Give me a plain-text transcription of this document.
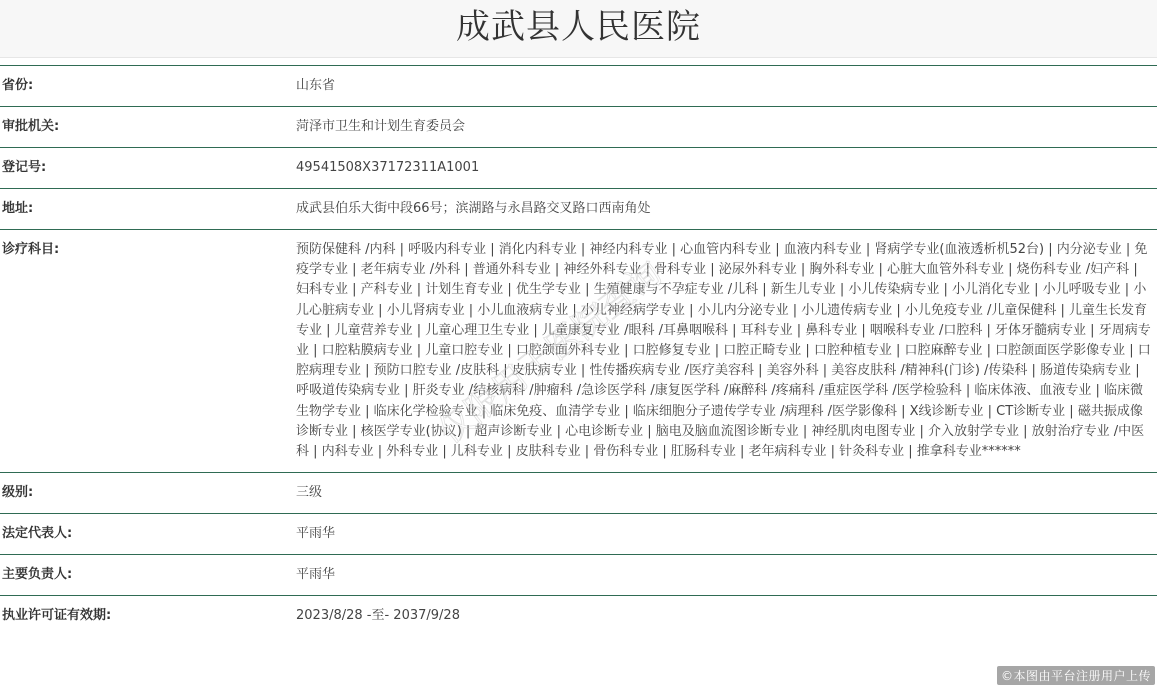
成武县人民医院
省份:	山东省

审批机关:	菏泽市卫生和计划生育委员会

登记号:	49541508X37172311A1001

地址:	成武县伯乐大街中段66号；滨湖路与永昌路交叉路口西南角处

诊疗科目:	预防保健科 /内科 | 呼吸内科专业 | 消化内科专业 | 神经内科专业 | 心血管内科专业 | 血液内科专业 | 肾病学专业(血液透析机52台) | 内分泌专业 | 免疫学专业 | 老年病专业 /外科 | 普通外科专业 | 神经外科专业 | 骨科专业 | 泌尿外科专业 | 胸外科专业 | 心脏大血管外科专业 | 烧伤科专业 /妇产科 | 妇科专业 | 产科专业 | 计划生育专业 | 优生学专业 | 生殖健康与不孕症专业 /儿科 | 新生儿专业 | 小儿传染病专业 | 小儿消化专业 | 小儿呼吸专业 | 小儿心脏病专业 | 小儿肾病专业 | 小儿血液病专业 | 小儿神经病学专业 | 小儿内分泌专业 | 小儿遗传病专业 | 小儿免疫专业 /儿童保健科 | 儿童生长发育专业 | 儿童营养专业 | 儿童心理卫生专业 | 儿童康复专业 /眼科 /耳鼻咽喉科 | 耳科专业 | 鼻科专业 | 咽喉科专业 /口腔科 | 牙体牙髓病专业 | 牙周病专业 | 口腔粘膜病专业 | 儿童口腔专业 | 口腔颌面外科专业 | 口腔修复专业 | 口腔正畸专业 | 口腔种植专业 | 口腔麻醉专业 | 口腔颌面医学影像专业 | 口腔病理专业 | 预防口腔专业 /皮肤科 | 皮肤病专业 | 性传播疾病专业 /医疗美容科 | 美容外科 | 美容皮肤科 /精神科(门诊) /传染科 | 肠道传染病专业 | 呼吸道传染病专业 | 肝炎专业 /结核病科 /肿瘤科 /急诊医学科 /康复医学科 /麻醉科 /疼痛科 /重症医学科 /医学检验科 | 临床体液、血液专业 | 临床微生物学专业 | 临床化学检验专业 | 临床免疫、血清学专业 | 临床细胞分子遗传学专业 /病理科 /医学影像科 | X线诊断专业 | CT诊断专业 | 磁共振成像诊断专业 | 核医学专业(协议) | 超声诊断专业 | 心电诊断专业 | 脑电及脑血流图诊断专业 | 神经肌肉电图专业 | 介入放射学专业 | 放射治疗专业 /中医科 | 内科专业 | 外科专业 | 儿科专业 | 皮肤科专业 | 骨伤科专业 | 肛肠科专业 | 老年病科专业 | 针灸科专业 | 推拿科专业******

级别:	三级

法定代表人:	平雨华

主要负责人:	平雨华

执业许可证有效期:	2023/8/28 -至- 2037/9/28
仅限用于医院查询
©本图由平台注册用户上传
